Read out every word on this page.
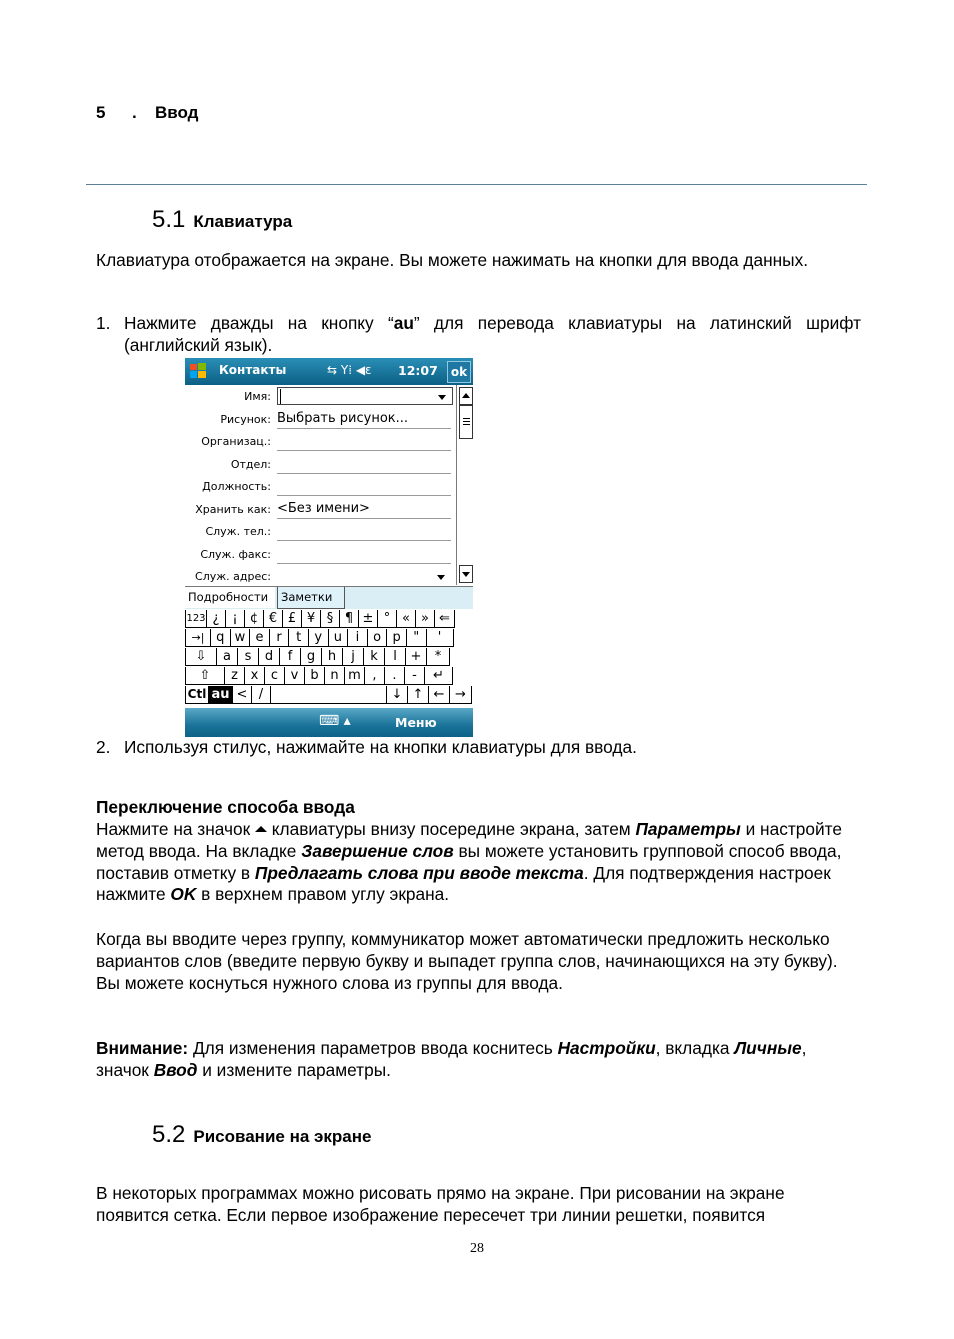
5 . Ввод
5.1 Клавиатура
Клавиатура отображается на экране. Вы можете нажимать на кнопки для ввода данных.
1. Нажмите дважды на кнопку “au” для перевода клавиатуры на латинский шрифт (английский язык).
Контакты	⇆ Y⁞ ◀ε 12:07	ok
Имя:
Рисунок: Выбрать рисунок...
Организац.:
Отдел:
Должность:
Хранить как: <Без имени>
Служ. тел.:
Служ. факс:
Служ. адрес:
Подробности	Заметки
123 ¿ ¡ ¢ € £ ¥ § ¶ ± ° « » ⇐
→| q w e r	t	y u	i	o p "	'
⇩	a	s	d	f	g h	j	k	l	+	*
⇧	z x c v b n m ,	.	-	↵
Ctl au < /	↓ ↑ ← →
⌨ ▴	Меню
2. Используя стилус, нажимайте на кнопки клавиатуры для ввода.
Переключение способа ввода
Нажмите на значок  клавиатуры внизу посередине экрана, затем Параметры и настройте метод ввода. На вкладке Завершение слов вы можете установить групповой способ ввода, поставив отметку в Предлагать слова при вводе текста. Для подтверждения настроек нажмите OK в верхнем правом углу экрана.
Когда вы вводите через группу, коммуникатор может автоматически предложить несколько вариантов слов (введите первую букву и выпадет группа слов, начинающихся на эту букву). Вы можете коснуться нужного слова из группы для ввода.
Внимание: Для изменения параметров ввода коснитесь Настройки, вкладка Личные, значок Ввод и измените параметры.
5.2 Рисование на экране
В некоторых программах можно рисовать прямо на экране. При рисовании на экране появится сетка. Если первое изображение пересечет три линии решетки, появится
28
